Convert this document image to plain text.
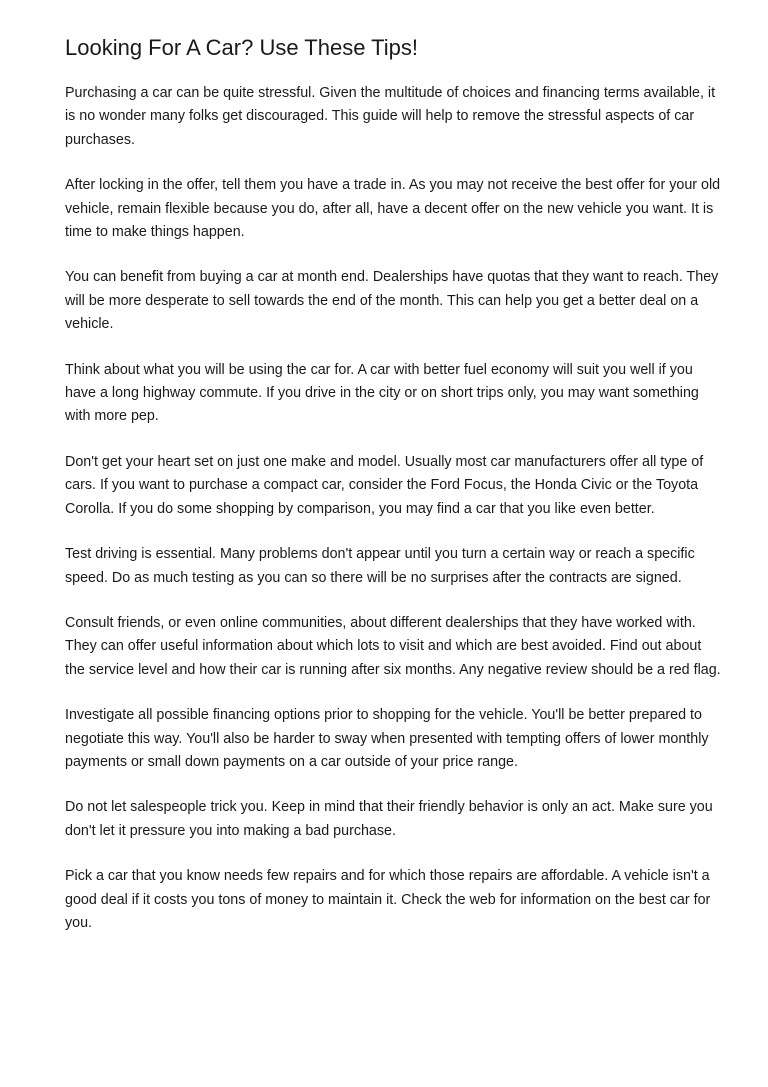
Looking For A Car? Use These Tips!

Purchasing a car can be quite stressful. Given the multitude of choices and financing terms available, it is no wonder many folks get discouraged. This guide will help to remove the stressful aspects of car purchases.

After locking in the offer, tell them you have a trade in. As you may not receive the best offer for your old vehicle, remain flexible because you do, after all, have a decent offer on the new vehicle you want. It is time to make things happen.

You can benefit from buying a car at month end. Dealerships have quotas that they want to reach. They will be more desperate to sell towards the end of the month. This can help you get a better deal on a vehicle.

Think about what you will be using the car for. A car with better fuel economy will suit you well if you have a long highway commute. If you drive in the city or on short trips only, you may want something with more pep.

Don't get your heart set on just one make and model. Usually most car manufacturers offer all type of cars. If you want to purchase a compact car, consider the Ford Focus, the Honda Civic or the Toyota Corolla. If you do some shopping by comparison, you may find a car that you like even better.

Test driving is essential. Many problems don't appear until you turn a certain way or reach a specific speed. Do as much testing as you can so there will be no surprises after the contracts are signed.

Consult friends, or even online communities, about different dealerships that they have worked with. They can offer useful information about which lots to visit and which are best avoided. Find out about the service level and how their car is running after six months. Any negative review should be a red flag.

Investigate all possible financing options prior to shopping for the vehicle. You'll be better prepared to negotiate this way. You'll also be harder to sway when presented with tempting offers of lower monthly payments or small down payments on a car outside of your price range.

Do not let salespeople trick you. Keep in mind that their friendly behavior is only an act. Make sure you don't let it pressure you into making a bad purchase.

Pick a car that you know needs few repairs and for which those repairs are affordable. A vehicle isn't a good deal if it costs you tons of money to maintain it. Check the web for information on the best car for you.
